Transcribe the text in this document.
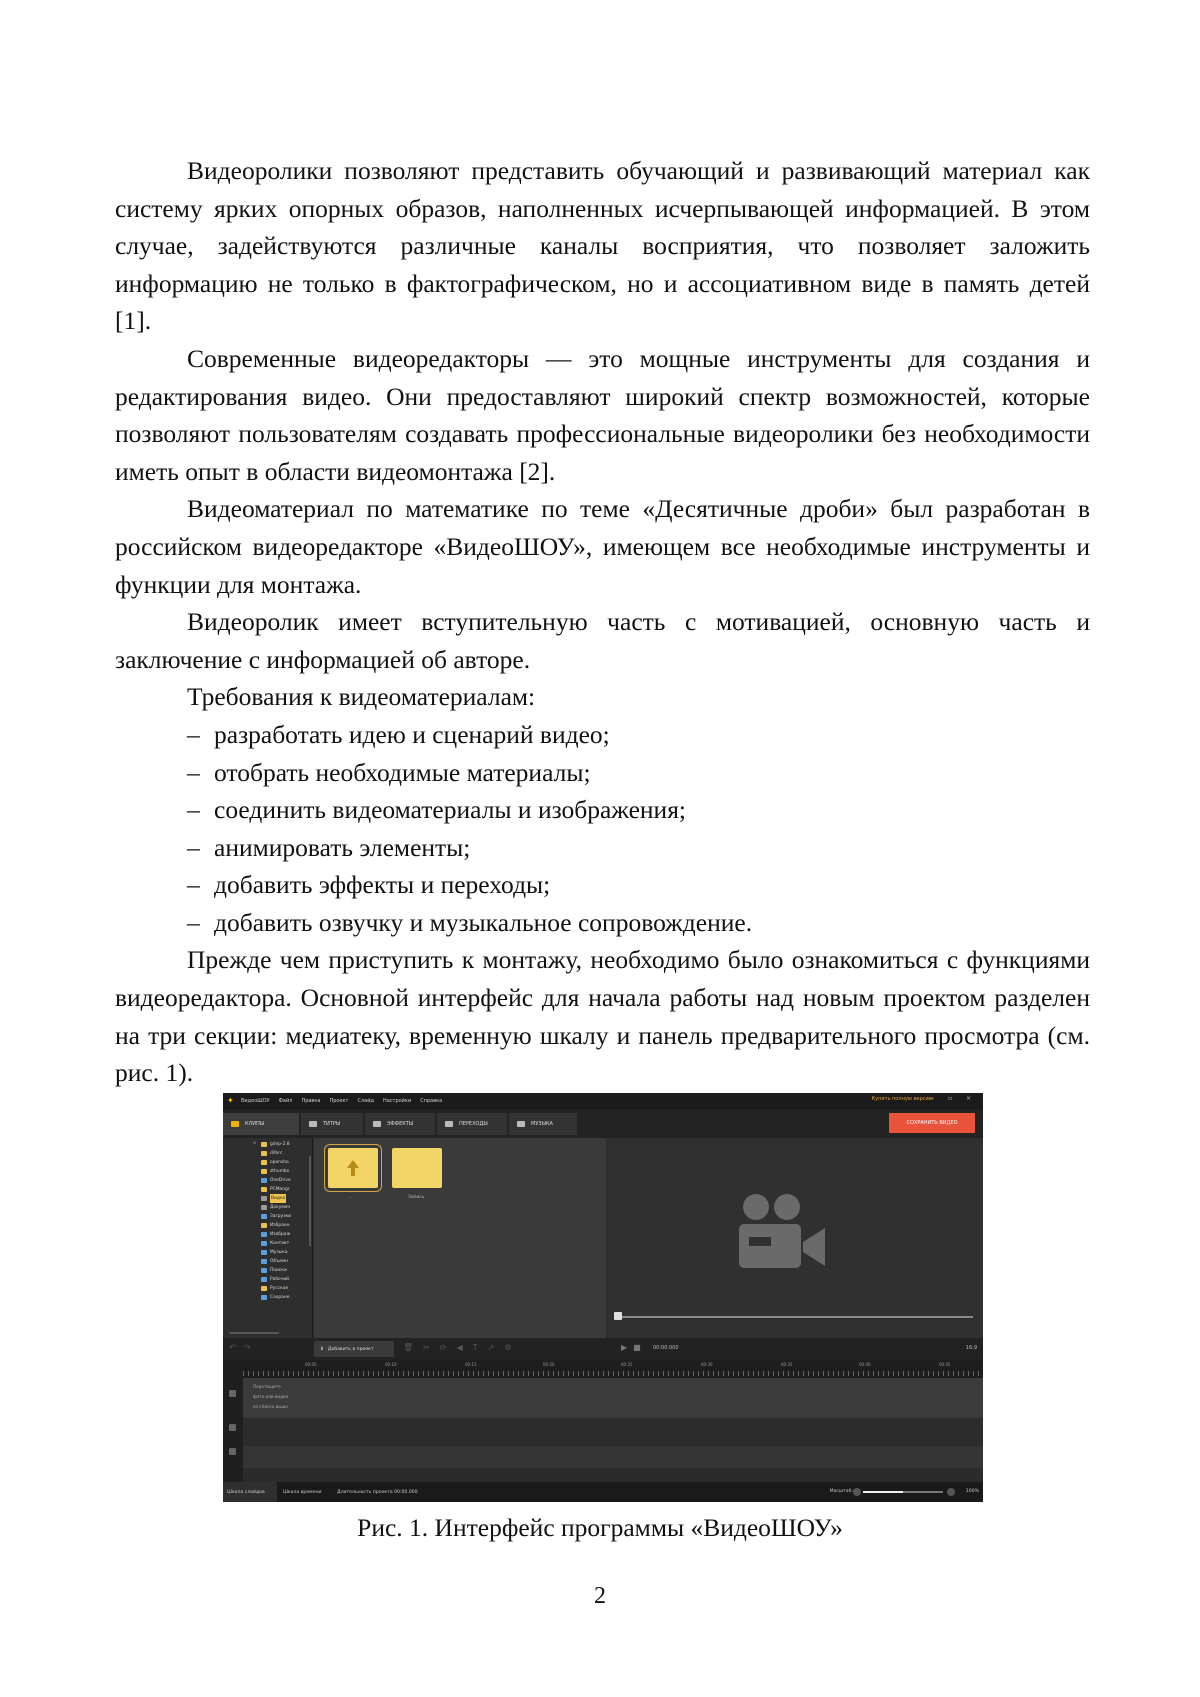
Видеоролики позволяют представить обучающий и развивающий материал как систему ярких опорных образов, наполненных исчерпывающей информацией. В этом случае, задействуются различные каналы восприятия, что позволяет заложить информацию не только в фактографическом, но и ассоциативном виде в память детей [1].

Современные видеоредакторы — это мощные инструменты для создания и редактирования видео. Они предоставляют широкий спектр возможностей, которые позволяют пользователям создавать профессиональные видеоролики без необходимости иметь опыт в области видеомонтажа [2].

Видеоматериал по математике по теме «Десятичные дроби» был разработан в российском видеоредакторе «ВидеоШОУ», имеющем все необходимые инструменты и функции для монтажа.

Видеоролик имеет вступительную часть с мотивацией, основную часть и заключение с информацией об авторе.

Требования к видеоматериалам:

– разработать идею и сценарий видео;
– отобрать необходимые материалы;
– соединить видеоматериалы и изображения;
– анимировать элементы;
– добавить эффекты и переходы;
– добавить озвучку и музыкальное сопровождение.

Прежде чем приступить к монтажу, необходимо было ознакомиться с функциями видеоредактора. Основной интерфейс для начала работы над новым проектом разделен на три секции: медиатеку, временную шкалу и панель предварительного просмотра (см. рис. 1).

✦	ВидеоШОУ Файл Правка Проект Слайд Настройки Справка	Купить полную версию
– ▫ ×
КЛИПЫ	ТИТРЫ	ЭФФЕКТЫ	ПЕРЕХОДЫ	МУЗЫКА	СОХРАНИТЬ ВИДЕО
⊞	gimp-2.8
diferc
openshо
zthumbn
OneDrive
PCMangr
Видео
Докумен
Загрузки
Избранн
Изображ
Контакт
Музыка
Объемн
Поиски
Рабочий
Русское
Сохране
. . .	Запись
↶↷	⬇ Добавить в проект	🗑✂⟳◀T↗⚙	▶■ 00:00.000	16:9
00:05	00:10	00:15	00:20	00:25	00:30	00:35	00:40	00:45
Перетащите
фото или видео
из списка выше
Шкала слайдов	Шкала времени	Длительность проекта 00:00.000	Масштаб:	100%
Рис. 1. Интерфейс программы «ВидеоШОУ»
2
